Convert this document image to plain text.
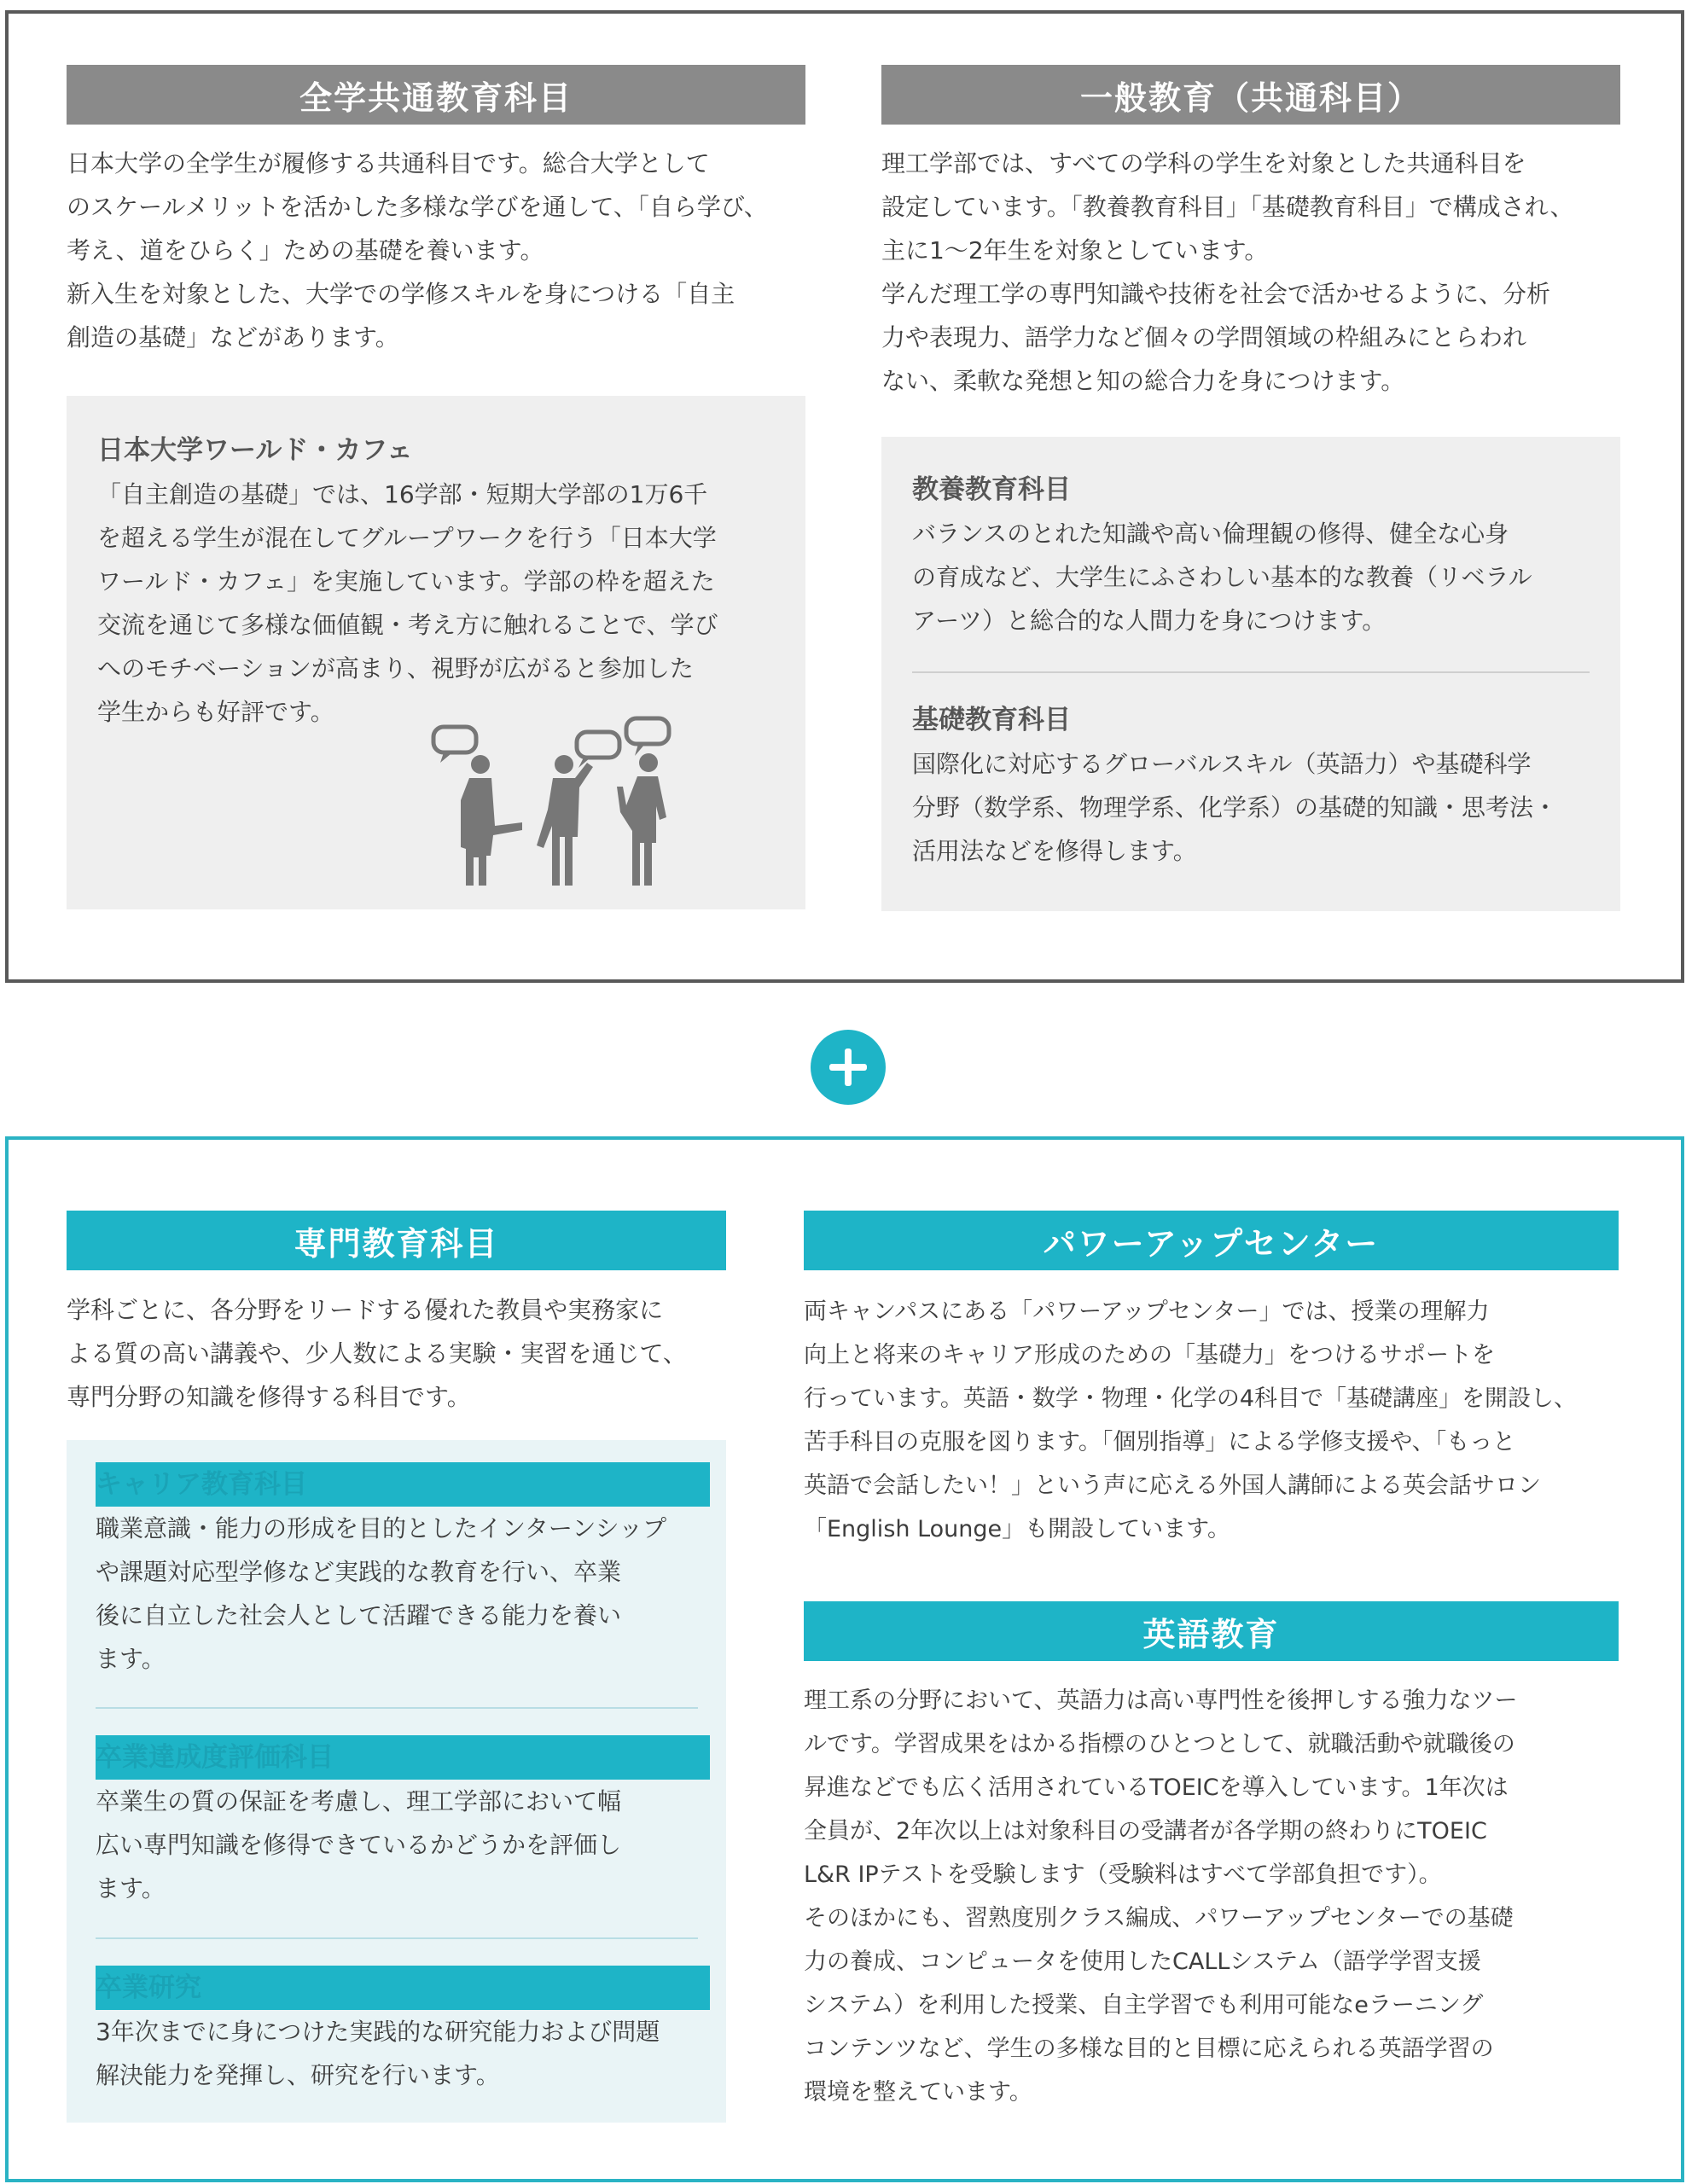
全学共通教育科目	一般教育（共通科目）

日本大学の全学生が履修する共通科目です。総合大学として

のスケールメリットを活かした多様な学びを通して、「自ら学び、

考え、道をひらく」ための基礎を養います。

新入生を対象とした、大学での学修スキルを身につける「自主

創造の基礎」などがあります。

理工学部では、すべての学科の学生を対象とした共通科目を

設定しています。「教養教育科目」「基礎教育科目」で構成され、

主に1〜2年生を対象としています。

学んだ理工学の専門知識や技術を社会で活かせるように、分析

力や表現力、語学力など個々の学問領域の枠組みにとらわれ

ない、柔軟な発想と知の総合力を身につけます。

日本大学ワールド・カフェ
「自主創造の基礎」では、16学部・短期大学部の1万6千
を超える学生が混在してグループワークを行う「日本大学
ワールド・カフェ」を実施しています。学部の枠を超えた
交流を通じて多様な価値観・考え方に触れることで、学び
へのモチベーションが高まり、視野が広がると参加した
学生からも好評です。
教養教育科目
バランスのとれた知識や高い倫理観の修得、健全な心身
の育成など、大学生にふさわしい基本的な教養（リベラル
アーツ）と総合的な人間力を身につけます。
基礎教育科目
国際化に対応するグローバルスキル（英語力）や基礎科学
分野（数学系、物理学系、化学系）の基礎的知識・思考法・
活用法などを修得します。
専門教育科目	パワーアップセンター

学科ごとに、各分野をリードする優れた教員や実務家に

よる質の高い講義や、少人数による実験・実習を通じて、

専門分野の知識を修得する科目です。

キャリア教育科目
職業意識・能力の形成を目的としたインターンシップ
や課題対応型学修など実践的な教育を行い、卒業
後に自立した社会人として活躍できる能力を養い
ます。
卒業達成度評価科目
卒業生の質の保証を考慮し、理工学部において幅
広い専門知識を修得できているかどうかを評価し
ます。
卒業研究
3年次までに身につけた実践的な研究能力および問題
解決能力を発揮し、研究を行います。

両キャンパスにある「パワーアップセンター」では、授業の理解力

向上と将来のキャリア形成のための「基礎力」をつけるサポートを

行っています。英語・数学・物理・化学の4科目で「基礎講座」を開設し、

苦手科目の克服を図ります。「個別指導」による学修支援や、「もっと

英語で会話したい！」という声に応える外国人講師による英会話サロン

「English Lounge」も開設しています。

英語教育

理工系の分野において、英語力は高い専門性を後押しする強力なツー

ルです。学習成果をはかる指標のひとつとして、就職活動や就職後の

昇進などでも広く活用されているTOEICを導入しています。1年次は

全員が、2年次以上は対象科目の受講者が各学期の終わりにTOEIC

L&R IPテストを受験します（受験料はすべて学部負担です）。

そのほかにも、習熟度別クラス編成、パワーアップセンターでの基礎

力の養成、コンピュータを使用したCALLシステム（語学学習支援

システム）を利用した授業、自主学習でも利用可能なeラーニング

コンテンツなど、学生の多様な目的と目標に応えられる英語学習の

環境を整えています。
